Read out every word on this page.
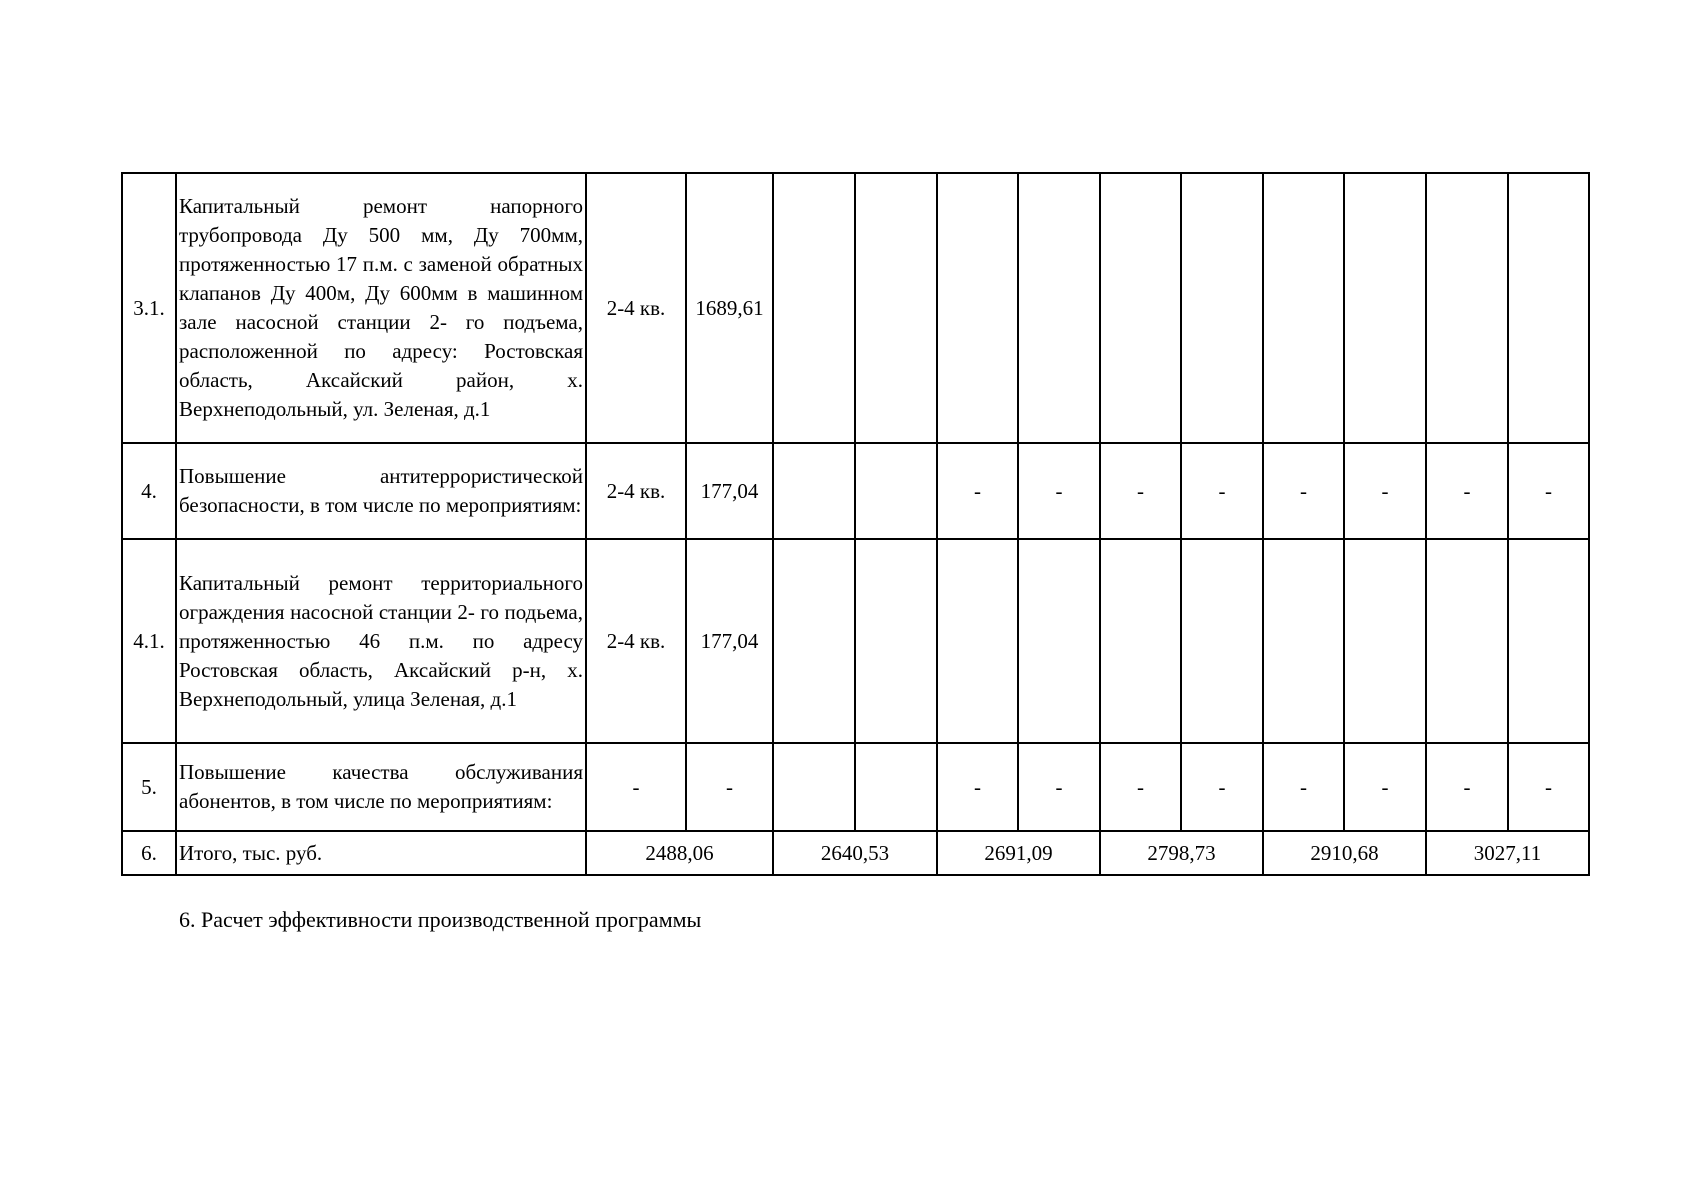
3.1.	Капитальный ремонт напорного трубопровода Ду 500 мм, Ду 700мм, протяженностью 17 п.м. с заменой обратных клапанов Ду 400м, Ду 600мм в машинном зале насосной станции 2- го подъема, расположенной по адресу: Ростовская область, Аксайский район, х. Верхнеподольный, ул. Зеленая, д.1	2-4 кв.	1689,61										
4.	Повышение антитеррористической безопасности, в том числе по мероприятиям:	2-4 кв.	177,04			-	-	-	-	-	-	-	-
4.1.	Капитальный ремонт территориального ограждения насосной станции 2- го подьема, протяженностью 46 п.м. по адресу Ростовская область, Аксайский р-н, х. Верхнеподольный, улица Зеленая, д.1	2-4 кв.	177,04										
5.	Повышение качества обслуживания абонентов, в том числе по мероприятиям:	-	-			-	-	-	-	-	-	-	-
6.	Итого, тыс. руб.	2488,06		2640,53		2691,09		2798,73		2910,68		3027,11	
6. Расчет эффективности производственной программы
